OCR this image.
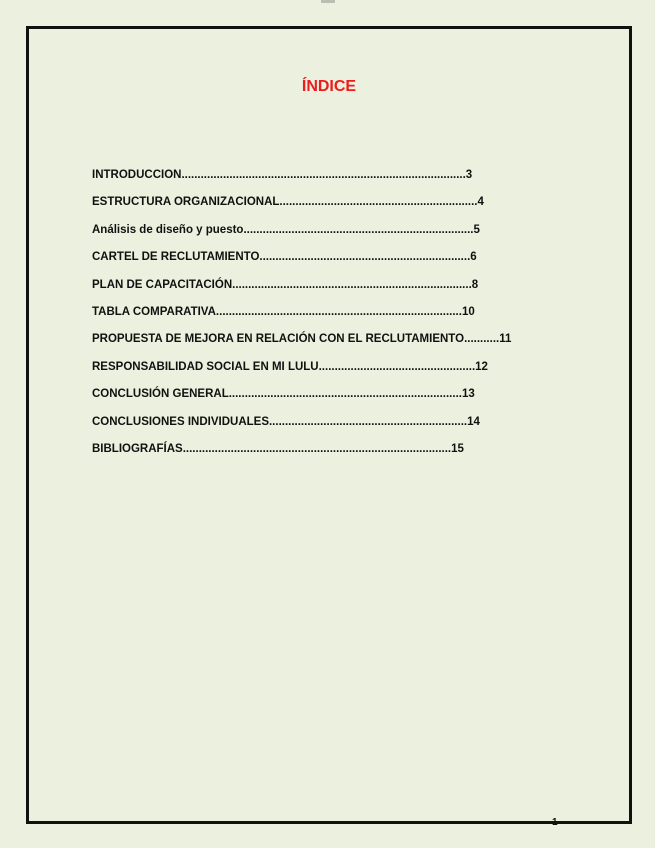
ÍNDICE
INTRODUCCION.........................................................................................3
ESTRUCTURA ORGANIZACIONAL..............................................................4
Análisis de diseño y puesto........................................................................5
CARTEL DE RECLUTAMIENTO..................................................................6
PLAN DE CAPACITACIÓN...........................................................................8
TABLA COMPARATIVA.............................................................................10
PROPUESTA DE MEJORA EN RELACIÓN CON EL RECLUTAMIENTO...........11
RESPONSABILIDAD SOCIAL EN MI LULU.................................................12
CONCLUSIÓN GENERAL.........................................................................13
CONCLUSIONES INDIVIDUALES..............................................................14
BIBLIOGRAFÍAS....................................................................................15
1
